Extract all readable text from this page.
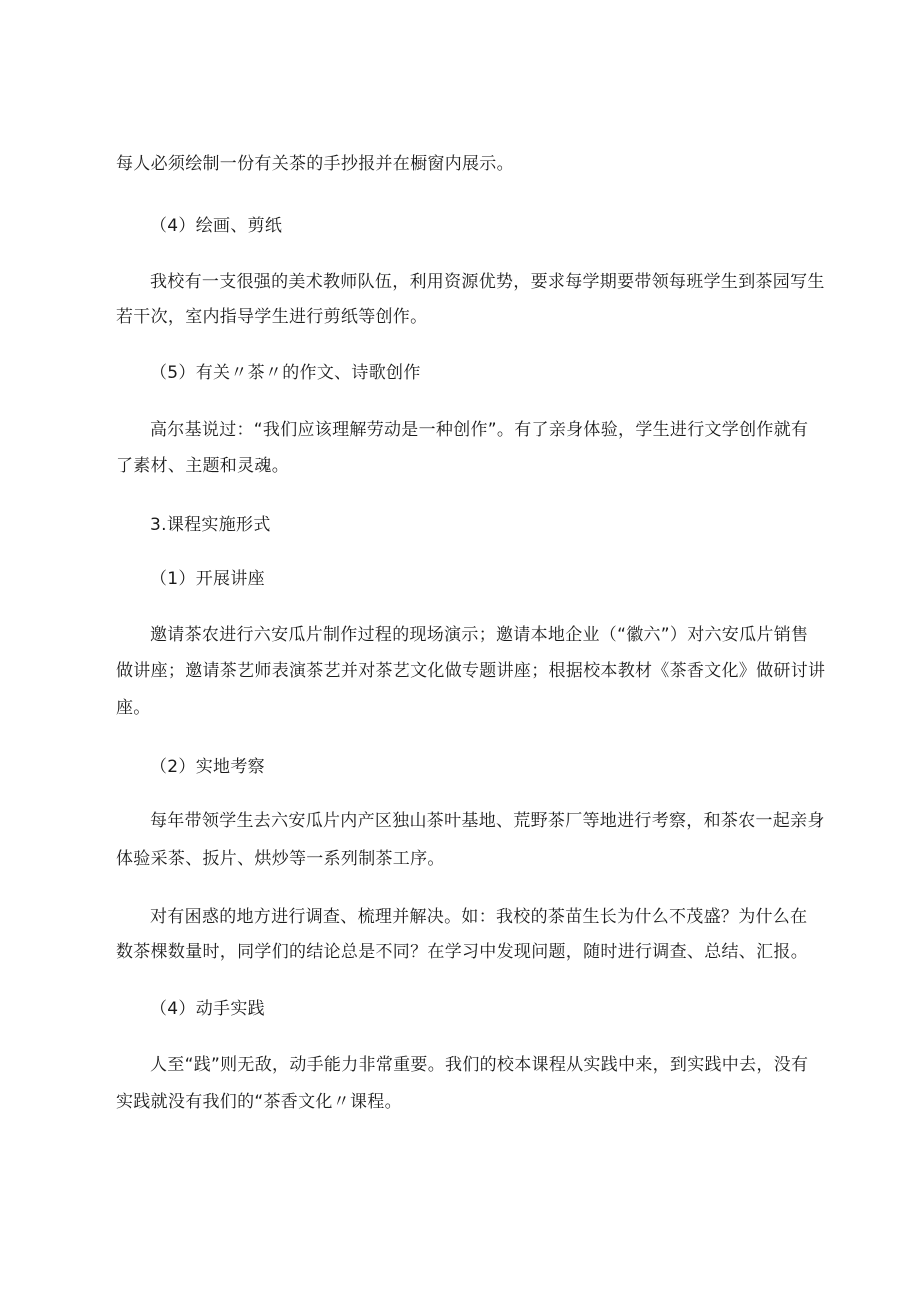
每人必须绘制一份有关茶的手抄报并在橱窗内展示。
（4）绘画、剪纸
我校有一支很强的美术教师队伍，利用资源优势，要求每学期要带领每班学生到茶园写生
若干次，室内指导学生进行剪纸等创作。
（5）有关〃茶〃的作文、诗歌创作
高尔基说过：“我们应该理解劳动是一种创作”。有了亲身体验，学生进行文学创作就有
了素材、主题和灵魂。
3.课程实施形式
（1）开展讲座
邀请茶农进行六安瓜片制作过程的现场演示；邀请本地企业（“徽六”）对六安瓜片销售
做讲座；邀请茶艺师表演茶艺并对茶艺文化做专题讲座；根据校本教材《茶香文化》做研讨讲
座。
（2）实地考察
每年带领学生去六安瓜片内产区独山茶叶基地、荒野茶厂等地进行考察，和茶农一起亲身
体验采茶、扳片、烘炒等一系列制茶工序。
对有困惑的地方进行调查、梳理并解决。如：我校的茶苗生长为什么不茂盛？为什么在
数茶棵数量时，同学们的结论总是不同？在学习中发现问题，随时进行调查、总结、汇报。
（4）动手实践
人至“践”则无敌，动手能力非常重要。我们的校本课程从实践中来，到实践中去，没有
实践就没有我们的“茶香文化〃课程。
